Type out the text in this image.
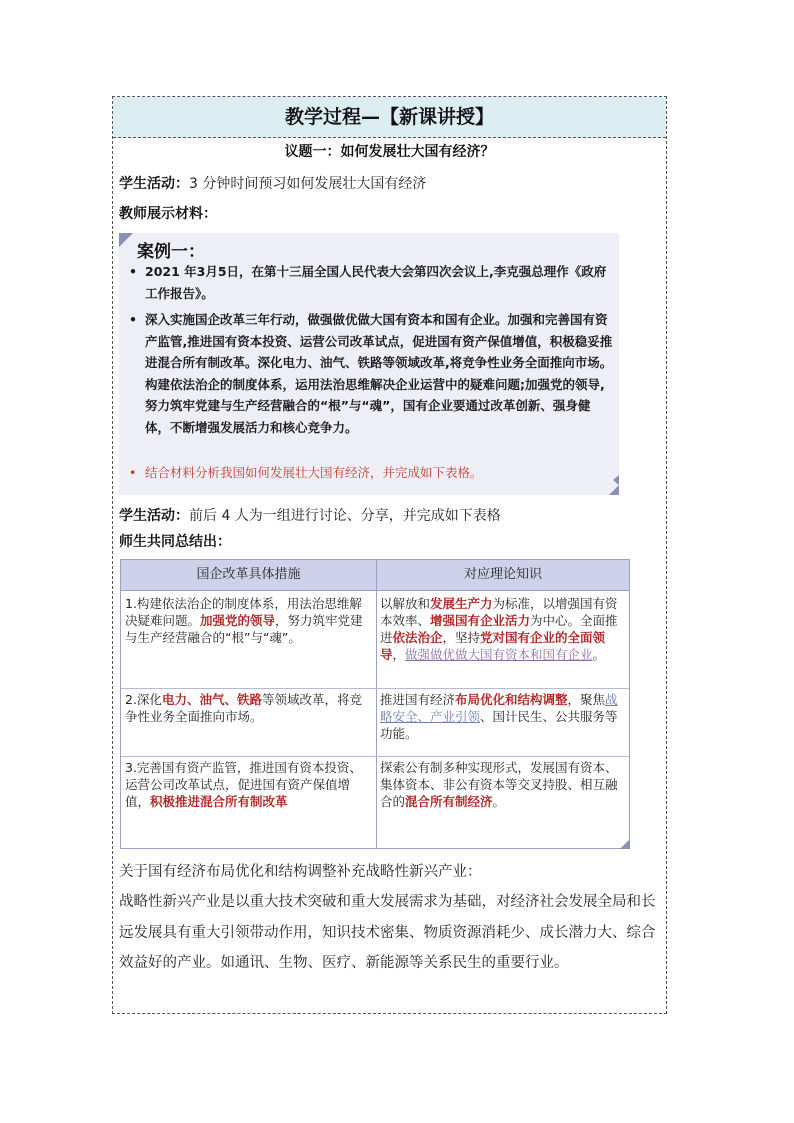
教学过程—【新课讲授】
议题一：如何发展壮大国有经济？
学生活动：3 分钟时间预习如何发展壮大国有经济
教师展示材料：
案例一：
• 2021 年3月5日，在第十三届全国人民代表大会第四次会议上,李克强总理作《政府工作报告》。
• 深入实施国企改革三年行动，做强做优做大国有资本和国有企业。加强和完善国有资产监管,推进国有资本投资、运营公司改革试点，促进国有资产保值增值，积极稳妥推进混合所有制改革。深化电力、油气、铁路等领域改革,将竞争性业务全面推向市场。构建依法治企的制度体系，运用法治思维解决企业运营中的疑难问题;加强党的领导,努力筑牢党建与生产经营融合的“根”与“魂”，国有企业要通过改革创新、强身健体，不断增强发展活力和核心竞争力。
• 结合材料分析我国如何发展壮大国有经济，并完成如下表格。
学生活动：前后 4 人为一组进行讨论、分享，并完成如下表格
师生共同总结出：
国企改革具体措施	对应理论知识
1.构建依法治企的制度体系，用法治思维解决疑难问题。加强党的领导，努力筑牢党建与生产经营融合的“根”与“魂”。
以解放和发展生产力为标准，以增强国有资本效率、增强国有企业活力为中心。全面推进依法治企，坚持党对国有企业的全面领导，做强做优做大国有资本和国有企业。
2.深化电力、油气、铁路等领域改革，将竞争性业务全面推向市场。
推进国有经济布局优化和结构调整，聚焦战略安全、产业引领、国计民生、公共服务等功能。
3.完善国有资产监管，推进国有资本投资、运营公司改革试点，促进国有资产保值增值，积极推进混合所有制改革
探索公有制多种实现形式，发展国有资本、集体资本、非公有资本等交叉持股、相互融合的混合所有制经济。
关于国有经济布局优化和结构调整补充战略性新兴产业：
战略性新兴产业是以重大技术突破和重大发展需求为基础，对经济社会发展全局和长远发展具有重大引领带动作用，知识技术密集、物质资源消耗少、成长潜力大、综合效益好的产业。如通讯、生物、医疗、新能源等关系民生的重要行业。
